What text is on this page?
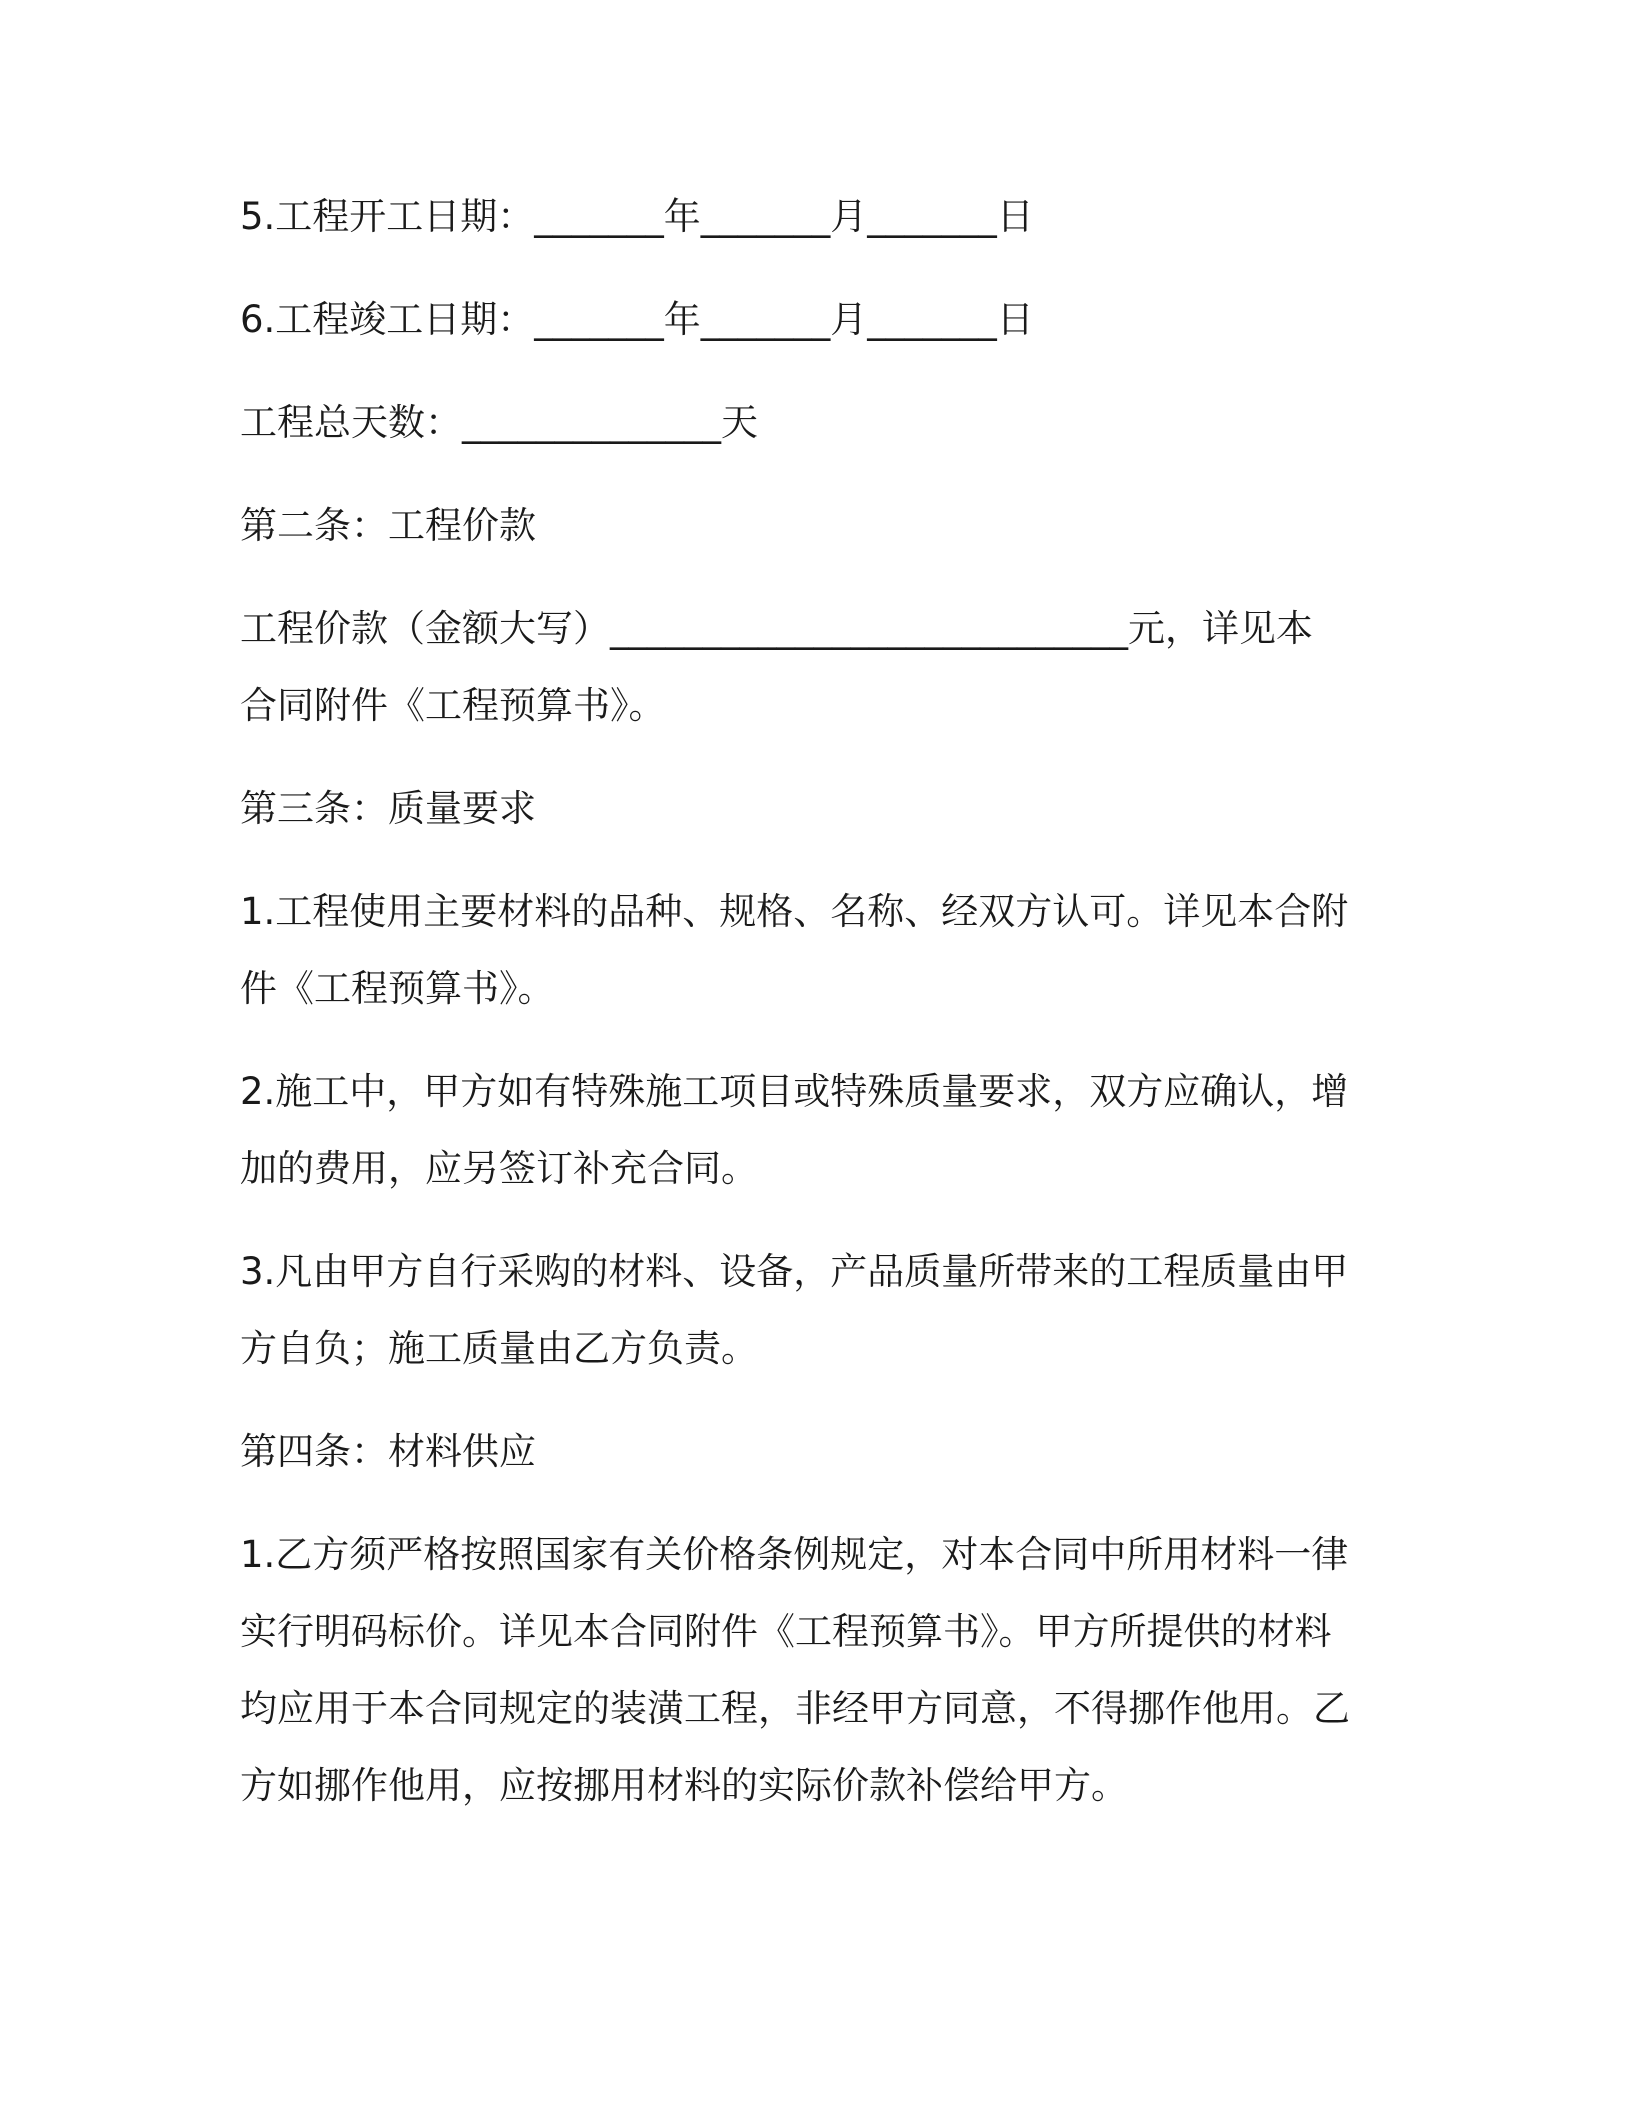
5.工程开工日期：_______年_______月_______日
6.工程竣工日期：_______年_______月_______日
工程总天数：______________天
第二条：工程价款
工程价款（金额大写）____________________________元，详见本
合同附件《工程预算书》。
第三条：质量要求
1.工程使用主要材料的品种、规格、名称、经双方认可。详见本合附
件《工程预算书》。
2.施工中，甲方如有特殊施工项目或特殊质量要求，双方应确认，增
加的费用，应另签订补充合同。
3.凡由甲方自行采购的材料、设备，产品质量所带来的工程质量由甲
方自负；施工质量由乙方负责。
第四条：材料供应
1.乙方须严格按照国家有关价格条例规定，对本合同中所用材料一律
实行明码标价。详见本合同附件《工程预算书》。甲方所提供的材料
均应用于本合同规定的装潢工程，非经甲方同意，不得挪作他用。乙
方如挪作他用，应按挪用材料的实际价款补偿给甲方。
